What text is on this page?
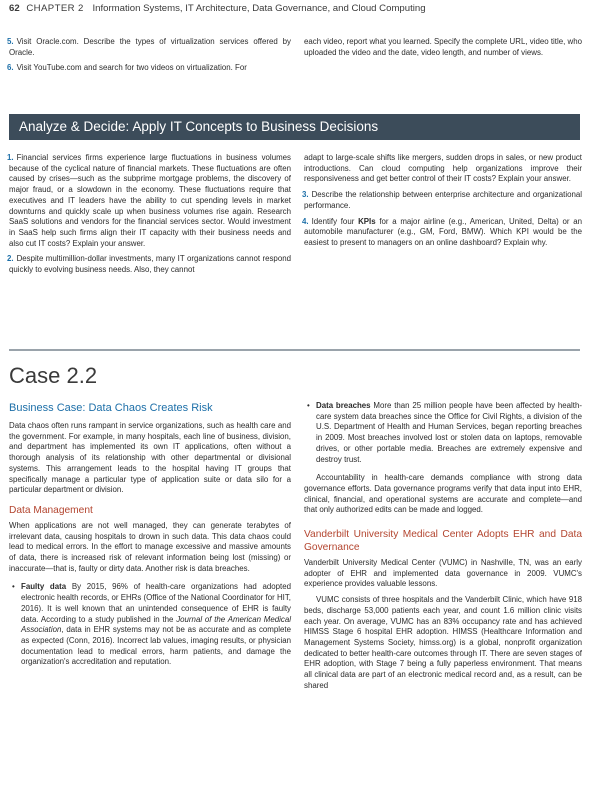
62 CHAPTER 2 Information Systems, IT Architecture, Data Governance, and Cloud Computing
5. Visit Oracle.com. Describe the types of virtualization services offered by Oracle.
6. Visit YouTube.com and search for two videos on virtualization. For

each video, report what you learned. Specify the complete URL, video title, who uploaded the video and the date, video length, and number of views.

Analyze & Decide: Apply IT Concepts to Business Decisions
1. Financial services firms experience large fluctuations in business volumes because of the cyclical nature of financial markets. These fluctuations are often caused by crises—such as the subprime mortgage problems, the discovery of major fraud, or a slowdown in the economy. These fluctuations require that executives and IT leaders have the ability to cut spending levels in market downturns and quickly scale up when business volumes rise again. Research SaaS solutions and vendors for the financial services sector. Would investment in SaaS help such firms align their IT capacity with their business needs and also cut IT costs? Explain your answer.
2. Despite multimillion-dollar investments, many IT organizations cannot respond quickly to evolving business needs. Also, they cannot

adapt to large-scale shifts like mergers, sudden drops in sales, or new product introductions. Can cloud computing help organizations improve their responsiveness and get better control of their IT costs? Explain your answer.

3. Describe the relationship between enterprise architecture and organizational performance.
4. Identify four KPIs for a major airline (e.g., American, United, Delta) or an automobile manufacturer (e.g., GM, Ford, BMW). Which KPI would be the easiest to present to managers on an online dashboard? Explain why.
Case 2.2
Business Case: Data Chaos Creates Risk

Data chaos often runs rampant in service organizations, such as health care and the government. For example, in many hospitals, each line of business, division, and department has implemented its own IT applications, often without a thorough analysis of its relationship with other departmental or divisional systems. This arrangement leads to the hospital having IT groups that specifically manage a particular type of application suite or data silo for a particular department or division.

Data Management

When applications are not well managed, they can generate terabytes of irrelevant data, causing hospitals to drown in such data. This data chaos could lead to medical errors. In the effort to manage excessive and massive amounts of data, there is increased risk of relevant information being lost (missing) or inaccurate—that is, faulty or dirty data. Another risk is data breaches.

• Faulty data By 2015, 96% of health-care organizations had adopted electronic health records, or EHRs (Office of the National Coordinator for HIT, 2016). It is well known that an unintended consequence of EHR is faulty data. According to a study published in the Journal of the American Medical Association, data in EHR systems may not be as accurate and as complete as expected (Conn, 2016). Incorrect lab values, imaging results, or physician documentation lead to medical errors, harm patients, and damage the organization's accreditation and reputation.
• Data breaches More than 25 million people have been affected by health-care system data breaches since the Office for Civil Rights, a division of the U.S. Department of Health and Human Services, began reporting breaches in 2009. Most breaches involved lost or stolen data on laptops, removable drives, or other portable media. Breaches are extremely expensive and destroy trust.

Accountability in health-care demands compliance with strong data governance efforts. Data governance programs verify that data input into EHR, clinical, financial, and operational systems are accurate and complete—and that only authorized edits can be made and logged.

Vanderbilt University Medical Center Adopts EHR and Data Governance

Vanderbilt University Medical Center (VUMC) in Nashville, TN, was an early adopter of EHR and implemented data governance in 2009. VUMC's experience provides valuable lessons.

VUMC consists of three hospitals and the Vanderbilt Clinic, which have 918 beds, discharge 53,000 patients each year, and count 1.6 million clinic visits each year. On average, VUMC has an 83% occupancy rate and has achieved HIMSS Stage 6 hospital EHR adoption. HIMSS (Healthcare Information and Management Systems Society, himss.org) is a global, nonprofit organization dedicated to better health-care outcomes through IT. There are seven stages of EHR adoption, with Stage 7 being a fully paperless environment. That means all clinical data are part of an electronic medical record and, as a result, can be shared
